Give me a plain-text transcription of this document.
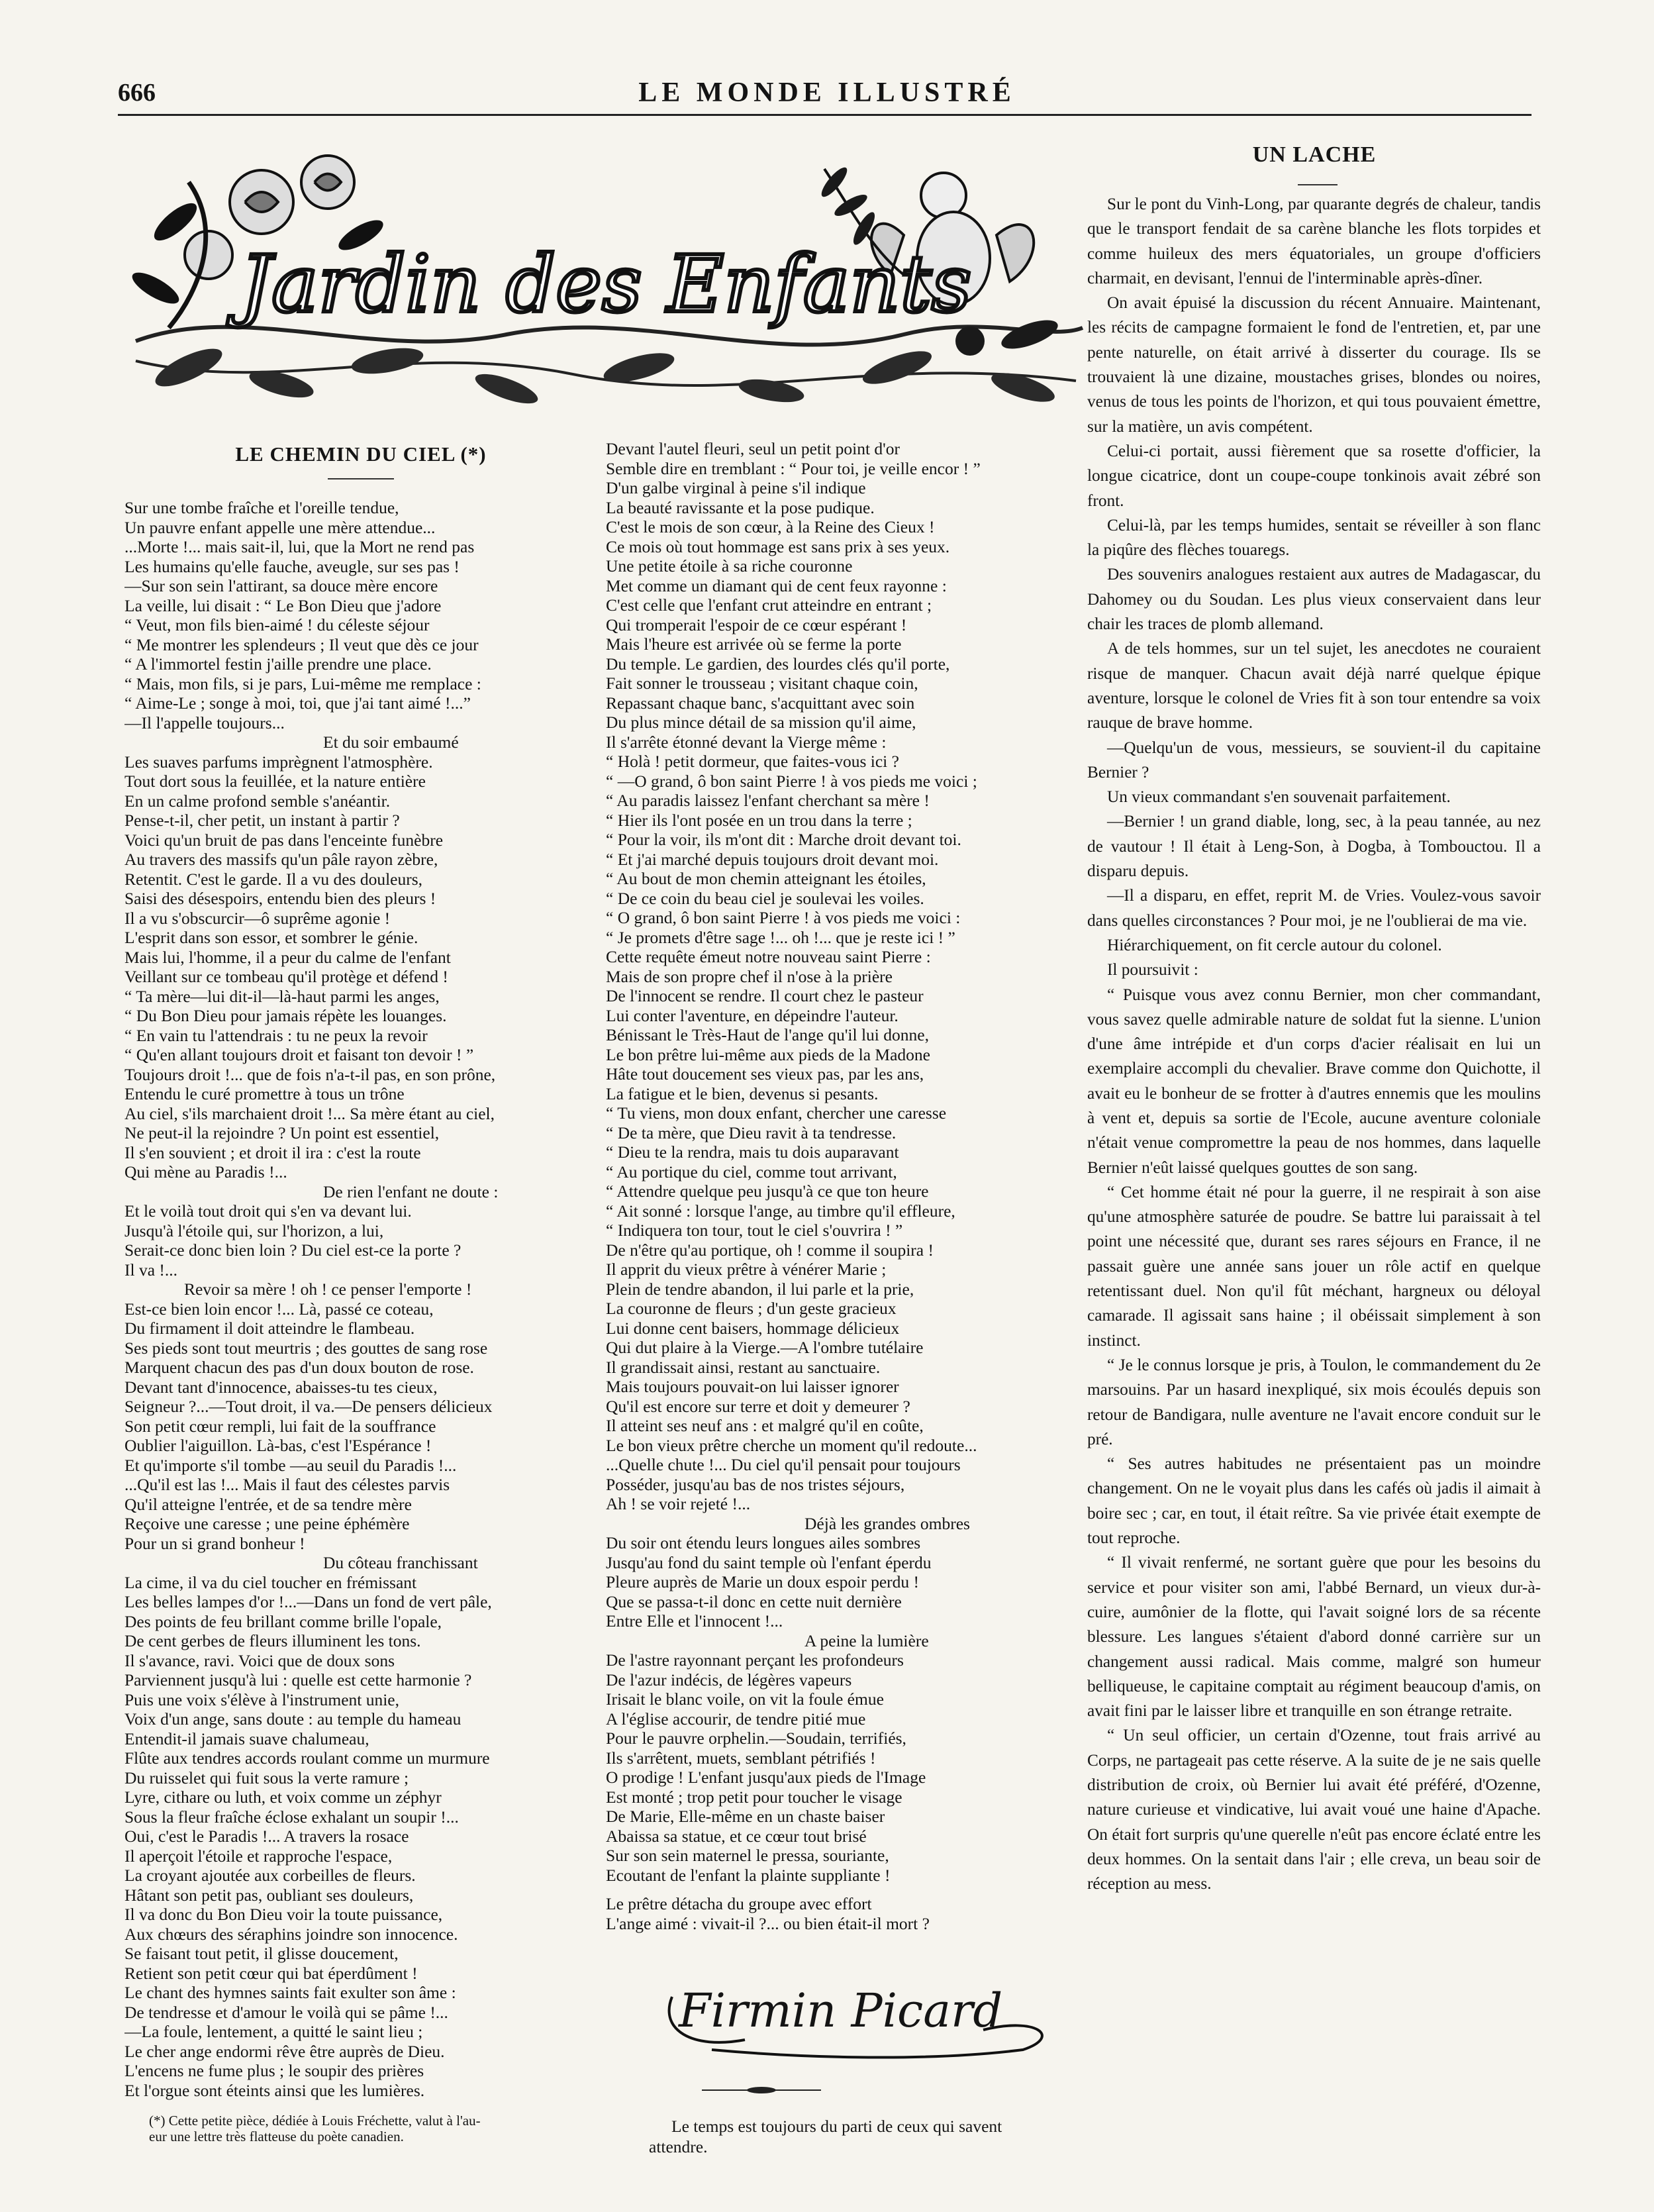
666	LE MONDE ILLUSTRÉ
Jardin des Enfants
LE CHEMIN DU CIEL (*)
Sur une tombe fraîche et l'oreille tendue,
Un pauvre enfant appelle une mère attendue...
...Morte !... mais sait-il, lui, que la Mort ne rend pas
Les humains qu'elle fauche, aveugle, sur ses pas !
—Sur son sein l'attirant, sa douce mère encore
La veille, lui disait : “ Le Bon Dieu que j'adore
“ Veut, mon fils bien-aimé ! du céleste séjour
“ Me montrer les splendeurs ; Il veut que dès ce jour
“ A l'immortel festin j'aille prendre une place.
“ Mais, mon fils, si je pars, Lui-même me remplace :
“ Aime-Le ; songe à moi, toi, que j'ai tant aimé !...”
—Il l'appelle toujours...
Et du soir embaumé
Les suaves parfums imprègnent l'atmosphère.
Tout dort sous la feuillée, et la nature entière
En un calme profond semble s'anéantir.
Pense-t-il, cher petit, un instant à partir ?
Voici qu'un bruit de pas dans l'enceinte funèbre
Au travers des massifs qu'un pâle rayon zèbre,
Retentit. C'est le garde. Il a vu des douleurs,
Saisi des désespoirs, entendu bien des pleurs !
Il a vu s'obscurcir—ô suprême agonie !
L'esprit dans son essor, et sombrer le génie.
Mais lui, l'homme, il a peur du calme de l'enfant
Veillant sur ce tombeau qu'il protège et défend !
“ Ta mère—lui dit-il—là-haut parmi les anges,
“ Du Bon Dieu pour jamais répète les louanges.
“ En vain tu l'attendrais : tu ne peux la revoir
“ Qu'en allant toujours droit et faisant ton devoir ! ”
Toujours droit !... que de fois n'a-t-il pas, en son prône,
Entendu le curé promettre à tous un trône
Au ciel, s'ils marchaient droit !... Sa mère étant au ciel,
Ne peut-il la rejoindre ? Un point est essentiel,
Il s'en souvient ; et droit il ira : c'est la route
Qui mène au Paradis !...
De rien l'enfant ne doute :
Et le voilà tout droit qui s'en va devant lui.
Jusqu'à l'étoile qui, sur l'horizon, a lui,
Serait-ce donc bien loin ? Du ciel est-ce la porte ?
Il va !...
Revoir sa mère ! oh ! ce penser l'emporte !
Est-ce bien loin encor !... Là, passé ce coteau,
Du firmament il doit atteindre le flambeau.
Ses pieds sont tout meurtris ; des gouttes de sang rose
Marquent chacun des pas d'un doux bouton de rose.
Devant tant d'innocence, abaisses-tu tes cieux,
Seigneur ?...—Tout droit, il va.—De pensers délicieux
Son petit cœur rempli, lui fait de la souffrance
Oublier l'aiguillon. Là-bas, c'est l'Espérance !
Et qu'importe s'il tombe —au seuil du Paradis !...
...Qu'il est las !... Mais il faut des célestes parvis
Qu'il atteigne l'entrée, et de sa tendre mère
Reçoive une caresse ; une peine éphémère
Pour un si grand bonheur !
Du côteau franchissant
La cime, il va du ciel toucher en frémissant
Les belles lampes d'or !...—Dans un fond de vert pâle,
Des points de feu brillant comme brille l'opale,
De cent gerbes de fleurs illuminent les tons.
Il s'avance, ravi. Voici que de doux sons
Parviennent jusqu'à lui : quelle est cette harmonie ?
Puis une voix s'élève à l'instrument unie,
Voix d'un ange, sans doute : au temple du hameau
Entendit-il jamais suave chalumeau,
Flûte aux tendres accords roulant comme un murmure
Du ruisselet qui fuit sous la verte ramure ;
Lyre, cithare ou luth, et voix comme un zéphyr
Sous la fleur fraîche éclose exhalant un soupir !...
Oui, c'est le Paradis !... A travers la rosace
Il aperçoit l'étoile et rapproche l'espace,
La croyant ajoutée aux corbeilles de fleurs.
Hâtant son petit pas, oubliant ses douleurs,
Il va donc du Bon Dieu voir la toute puissance,
Aux chœurs des séraphins joindre son innocence.
Se faisant tout petit, il glisse doucement,
Retient son petit cœur qui bat éperdûment !
Le chant des hymnes saints fait exulter son âme :
De tendresse et d'amour le voilà qui se pâme !...
—La foule, lentement, a quitté le saint lieu ;
Le cher ange endormi rêve être auprès de Dieu.
L'encens ne fume plus ; le soupir des prières
Et l'orgue sont éteints ainsi que les lumières.
Devant l'autel fleuri, seul un petit point d'or
Semble dire en tremblant : “ Pour toi, je veille encor ! ”
D'un galbe virginal à peine s'il indique
La beauté ravissante et la pose pudique.
C'est le mois de son cœur, à la Reine des Cieux !
Ce mois où tout hommage est sans prix à ses yeux.
Une petite étoile à sa riche couronne
Met comme un diamant qui de cent feux rayonne :
C'est celle que l'enfant crut atteindre en entrant ;
Qui tromperait l'espoir de ce cœur espérant !
Mais l'heure est arrivée où se ferme la porte
Du temple. Le gardien, des lourdes clés qu'il porte,
Fait sonner le trousseau ; visitant chaque coin,
Repassant chaque banc, s'acquittant avec soin
Du plus mince détail de sa mission qu'il aime,
Il s'arrête étonné devant la Vierge même :
“ Holà ! petit dormeur, que faites-vous ici ?
“ —O grand, ô bon saint Pierre ! à vos pieds me voici ;
“ Au paradis laissez l'enfant cherchant sa mère !
“ Hier ils l'ont posée en un trou dans la terre ;
“ Pour la voir, ils m'ont dit : Marche droit devant toi.
“ Et j'ai marché depuis toujours droit devant moi.
“ Au bout de mon chemin atteignant les étoiles,
“ De ce coin du beau ciel je soulevai les voiles.
“ O grand, ô bon saint Pierre ! à vos pieds me voici :
“ Je promets d'être sage !... oh !... que je reste ici ! ”
Cette requête émeut notre nouveau saint Pierre :
Mais de son propre chef il n'ose à la prière
De l'innocent se rendre. Il court chez le pasteur
Lui conter l'aventure, en dépeindre l'auteur.
Bénissant le Très-Haut de l'ange qu'il lui donne,
Le bon prêtre lui-même aux pieds de la Madone
Hâte tout doucement ses vieux pas, par les ans,
La fatigue et le bien, devenus si pesants.
“ Tu viens, mon doux enfant, chercher une caresse
“ De ta mère, que Dieu ravit à ta tendresse.
“ Dieu te la rendra, mais tu dois auparavant
“ Au portique du ciel, comme tout arrivant,
“ Attendre quelque peu jusqu'à ce que ton heure
“ Ait sonné : lorsque l'ange, au timbre qu'il effleure,
“ Indiquera ton tour, tout le ciel s'ouvrira ! ”
De n'être qu'au portique, oh ! comme il soupira !
Il apprit du vieux prêtre à vénérer Marie ;
Plein de tendre abandon, il lui parle et la prie,
La couronne de fleurs ; d'un geste gracieux
Lui donne cent baisers, hommage délicieux
Qui dut plaire à la Vierge.—A l'ombre tutélaire
Il grandissait ainsi, restant au sanctuaire.
Mais toujours pouvait-on lui laisser ignorer
Qu'il est encore sur terre et doit y demeurer ?
Il atteint ses neuf ans : et malgré qu'il en coûte,
Le bon vieux prêtre cherche un moment qu'il redoute...
...Quelle chute !... Du ciel qu'il pensait pour toujours
Posséder, jusqu'au bas de nos tristes séjours,
Ah ! se voir rejeté !...
Déjà les grandes ombres
Du soir ont étendu leurs longues ailes sombres
Jusqu'au fond du saint temple où l'enfant éperdu
Pleure auprès de Marie un doux espoir perdu !
Que se passa-t-il donc en cette nuit dernière
Entre Elle et l'innocent !...
A peine la lumière
De l'astre rayonnant perçant les profondeurs
De l'azur indécis, de légères vapeurs
Irisait le blanc voile, on vit la foule émue
A l'église accourir, de tendre pitié mue
Pour le pauvre orphelin.—Soudain, terrifiés,
Ils s'arrêtent, muets, semblant pétrifiés !
O prodige ! L'enfant jusqu'aux pieds de l'Image
Est monté ; trop petit pour toucher le visage
De Marie, Elle-même en un chaste baiser
Abaissa sa statue, et ce cœur tout brisé
Sur son sein maternel le pressa, souriante,
Ecoutant de l'enfant la plainte suppliante !
Le prêtre détacha du groupe avec effort
L'ange aimé : vivait-il ?... ou bien était-il mort ?
(*) Cette petite pièce, dédiée à Louis Fréchette, valut à l'au-
eur une lettre très flatteuse du poète canadien.
Firmin Picard
Le temps est toujours du parti de ceux qui savent
attendre.
UN LACHE

Sur le pont du Vinh-Long, par quarante degrés de chaleur, tandis que le transport fendait de sa carène blanche les flots torpides et comme huileux des mers équatoriales, un groupe d'officiers charmait, en devisant, l'ennui de l'interminable après-dîner.

On avait épuisé la discussion du récent Annuaire. Maintenant, les récits de campagne formaient le fond de l'entretien, et, par une pente naturelle, on était arrivé à disserter du courage. Ils se trouvaient là une dizaine, moustaches grises, blondes ou noires, venus de tous les points de l'horizon, et qui tous pouvaient émettre, sur la matière, un avis compétent.

Celui-ci portait, aussi fièrement que sa rosette d'officier, la longue cicatrice, dont un coupe-coupe tonkinois avait zébré son front.

Celui-là, par les temps humides, sentait se réveiller à son flanc la piqûre des flèches touaregs.

Des souvenirs analogues restaient aux autres de Madagascar, du Dahomey ou du Soudan. Les plus vieux conservaient dans leur chair les traces de plomb allemand.

A de tels hommes, sur un tel sujet, les anecdotes ne couraient risque de manquer. Chacun avait déjà narré quelque épique aventure, lorsque le colonel de Vries fit à son tour entendre sa voix rauque de brave homme.

—Quelqu'un de vous, messieurs, se souvient-il du capitaine Bernier ?

Un vieux commandant s'en souvenait parfaitement.

—Bernier ! un grand diable, long, sec, à la peau tannée, au nez de vautour ! Il était à Leng-Son, à Dogba, à Tombouctou. Il a disparu depuis.

—Il a disparu, en effet, reprit M. de Vries. Voulez-vous savoir dans quelles circonstances ? Pour moi, je ne l'oublierai de ma vie.

Hiérarchiquement, on fit cercle autour du colonel.

Il poursuivit :

“ Puisque vous avez connu Bernier, mon cher commandant, vous savez quelle admirable nature de soldat fut la sienne. L'union d'une âme intrépide et d'un corps d'acier réalisait en lui un exemplaire accompli du chevalier. Brave comme don Quichotte, il avait eu le bonheur de se frotter à d'autres ennemis que les moulins à vent et, depuis sa sortie de l'Ecole, aucune aventure coloniale n'était venue compromettre la peau de nos hommes, dans laquelle Bernier n'eût laissé quelques gouttes de son sang.

“ Cet homme était né pour la guerre, il ne respirait à son aise qu'une atmosphère saturée de poudre. Se battre lui paraissait à tel point une nécessité que, durant ses rares séjours en France, il ne passait guère une année sans jouer un rôle actif en quelque retentissant duel. Non qu'il fût méchant, hargneux ou déloyal camarade. Il agissait sans haine ; il obéissait simplement à son instinct.

“ Je le connus lorsque je pris, à Toulon, le commandement du 2e marsouins. Par un hasard inexpliqué, six mois écoulés depuis son retour de Bandigara, nulle aventure ne l'avait encore conduit sur le pré.

“ Ses autres habitudes ne présentaient pas un moindre changement. On ne le voyait plus dans les cafés où jadis il aimait à boire sec ; car, en tout, il était reître. Sa vie privée était exempte de tout reproche.

“ Il vivait renfermé, ne sortant guère que pour les besoins du service et pour visiter son ami, l'abbé Bernard, un vieux dur-à-cuire, aumônier de la flotte, qui l'avait soigné lors de sa récente blessure. Les langues s'étaient d'abord donné carrière sur un changement aussi radical. Mais comme, malgré son humeur belliqueuse, le capitaine comptait au régiment beaucoup d'amis, on avait fini par le laisser libre et tranquille en son étrange retraite.

“ Un seul officier, un certain d'Ozenne, tout frais arrivé au Corps, ne partageait pas cette réserve. A la suite de je ne sais quelle distribution de croix, où Bernier lui avait été préféré, d'Ozenne, nature curieuse et vindicative, lui avait voué une haine d'Apache. On était fort surpris qu'une querelle n'eût pas encore éclaté entre les deux hommes. On la sentait dans l'air ; elle creva, un beau soir de réception au mess.
